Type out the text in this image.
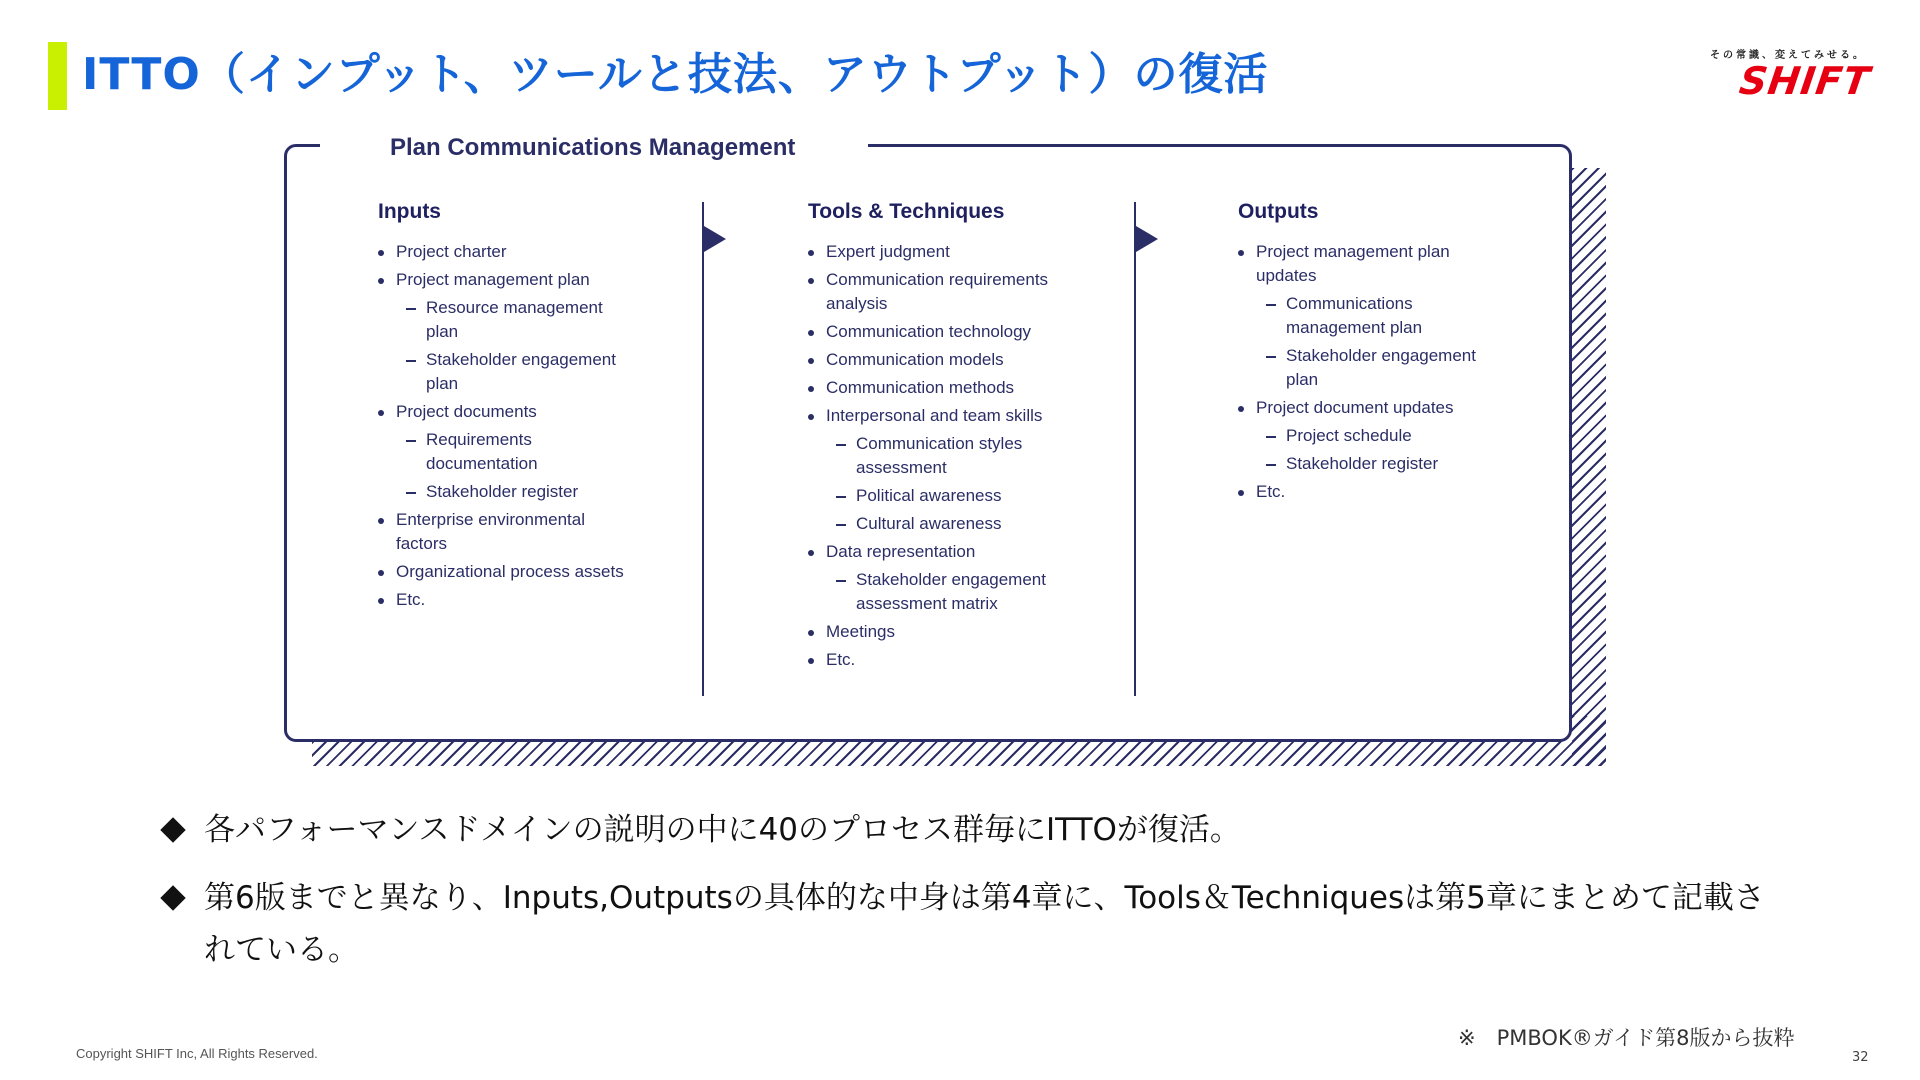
ITTO（インプット、ツールと技法、アウトプット）の復活	その常識、変えてみせる。
SHIFT
Plan Communications Management
Inputs
Project charter
Project management plan
Resource management plan
Stakeholder engagement plan
Project documents
Requirements documentation
Stakeholder register
Enterprise environmental factors
Organizational process assets
Etc.
Tools & Techniques
Expert judgment
Communication requirements analysis
Communication technology
Communication models
Communication methods
Interpersonal and team skills
Communication styles assessment
Political awareness
Cultural awareness
Data representation
Stakeholder engagement assessment matrix
Meetings
Etc.
Outputs
Project management plan updates
Communications management plan
Stakeholder engagement plan
Project document updates
Project schedule
Stakeholder register
Etc.
各パフォーマンスドメインの説明の中に40のプロセス群毎にITTOが復活。
第6版までと異なり、Inputs,Outputsの具体的な中身は第4章に、Tools＆Techniquesは第5章にまとめて記載されている。
※　PMBOK®ガイド第8版から抜粋
32
Copyright SHIFT Inc, All Rights Reserved.
